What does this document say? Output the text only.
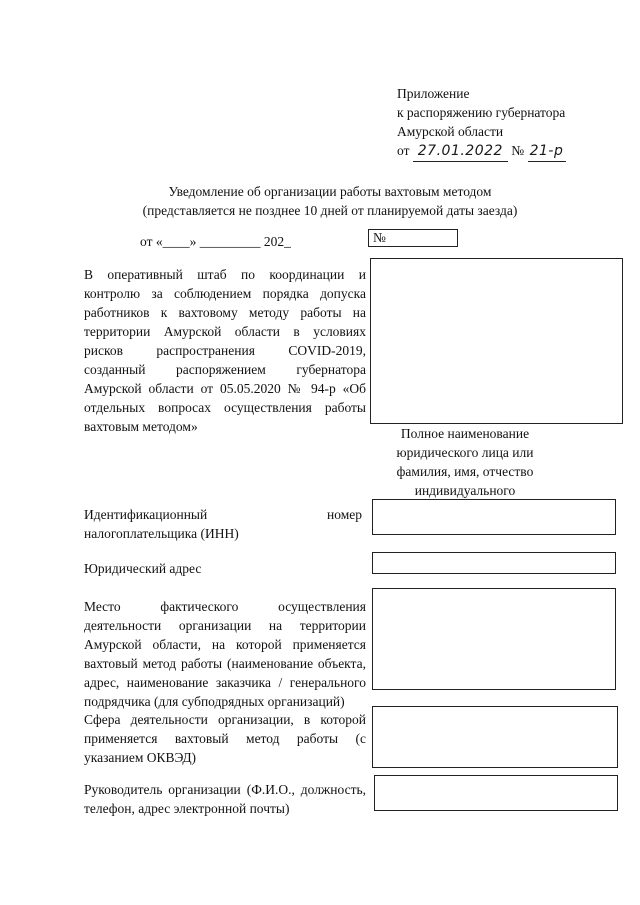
Приложение
к распоряжению губернатора
Амурской области
от 27.01.2022 № 21-р
Уведомление об организации работы вахтовым методом
(представляется не позднее 10 дней от планируемой даты заезда)
от «____» _________ 202_	№
В оперативный штаб по координации и контролю за соблюдением порядка допуска работников к вахтовому методу работы на территории Амурской области в условиях рисков распространения COVID-2019, созданный распоряжением губернатора Амурской области от 05.05.2020 № 94-р «Об отдельных вопросах осуществления работы вахтовым методом»	Полное наименование юридического лица или фамилия, имя, отчество индивидуального
Идентификационный номер налогоплательщика (ИНН)
Юридический адрес
Место фактического осуществления деятельности организации на территории Амурской области, на которой применяется вахтовый метод работы (наименование объекта, адрес, наименование заказчика / генерального подрядчика (для субподрядных организаций)
Сфера деятельности организации, в которой применяется вахтовый метод работы (с указанием ОКВЭД)
Руководитель организации (Ф.И.О., должность, телефон, адрес электронной почты)
